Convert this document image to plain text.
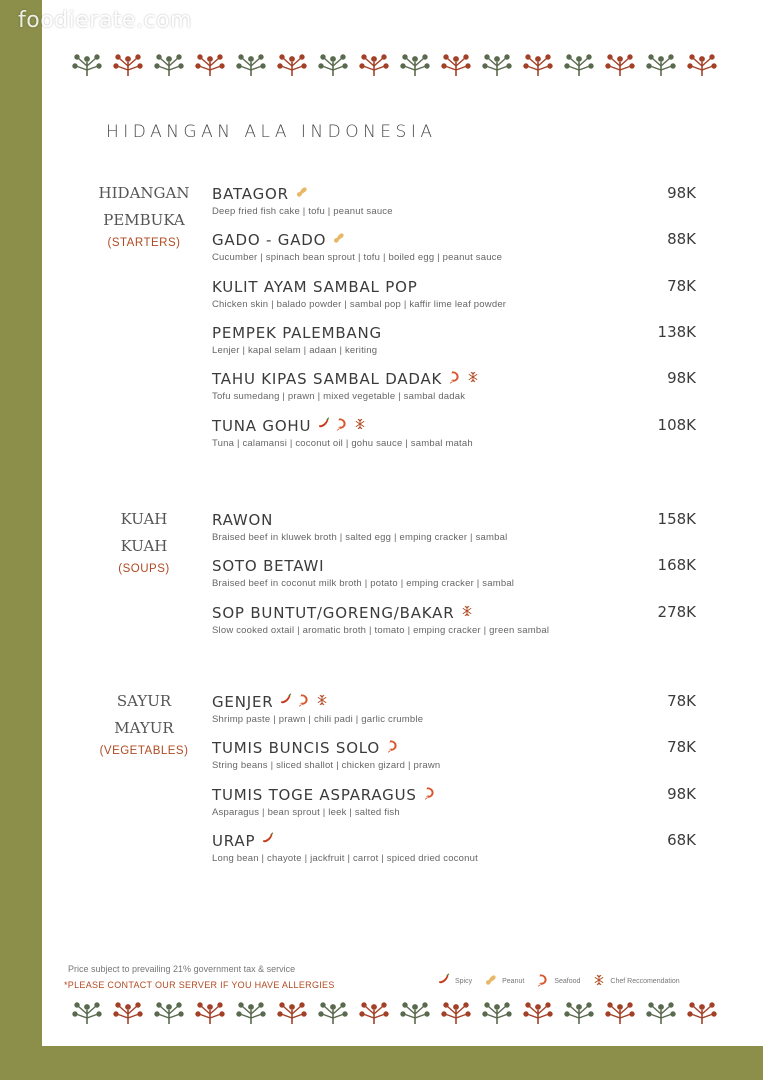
HIDANGAN ALA INDONESIA
HIDANGAN
PEMBUKA
(STARTERS)
BATAGOR
Deep fried fish cake | tofu | peanut sauce
98K
GADO - GADO
Cucumber | spinach bean sprout | tofu | boiled egg | peanut sauce
88K
KULIT AYAM SAMBAL POP
Chicken skin | balado powder | sambal pop | kaffir lime leaf powder
78K
PEMPEK PALEMBANG
Lenjer | kapal selam | adaan | keriting
138K
TAHU KIPAS SAMBAL DADAK
Tofu sumedang | prawn | mixed vegetable | sambal dadak
98K
TUNA GOHU
Tuna | calamansi | coconut oil | gohu sauce | sambal matah
108K
KUAH
KUAH
(SOUPS)
RAWON
Braised beef in kluwek broth | salted egg | emping cracker | sambal
158K
SOTO BETAWI
Braised beef in coconut milk broth | potato | emping cracker | sambal
168K
SOP BUNTUT/GORENG/BAKAR
Slow cooked oxtail | aromatic broth | tomato | emping cracker | green sambal
278K
SAYUR
MAYUR
(VEGETABLES)
GENJER
Shrimp paste | prawn | chili padi | garlic crumble
78K
TUMIS BUNCIS SOLO
String beans | sliced shallot | chicken gizard | prawn
78K
TUMIS TOGE ASPARAGUS
Asparagus | bean sprout | leek | salted fish
98K
URAP
Long bean | chayote | jackfruit | carrot | spiced dried coconut
68K
Price subject to prevailing 21% government tax & service
*PLEASE CONTACT OUR SERVER IF YOU HAVE ALLERGIES	Spicy	Peanut	Seafood	Chef Reccomendation
foodierate.com
